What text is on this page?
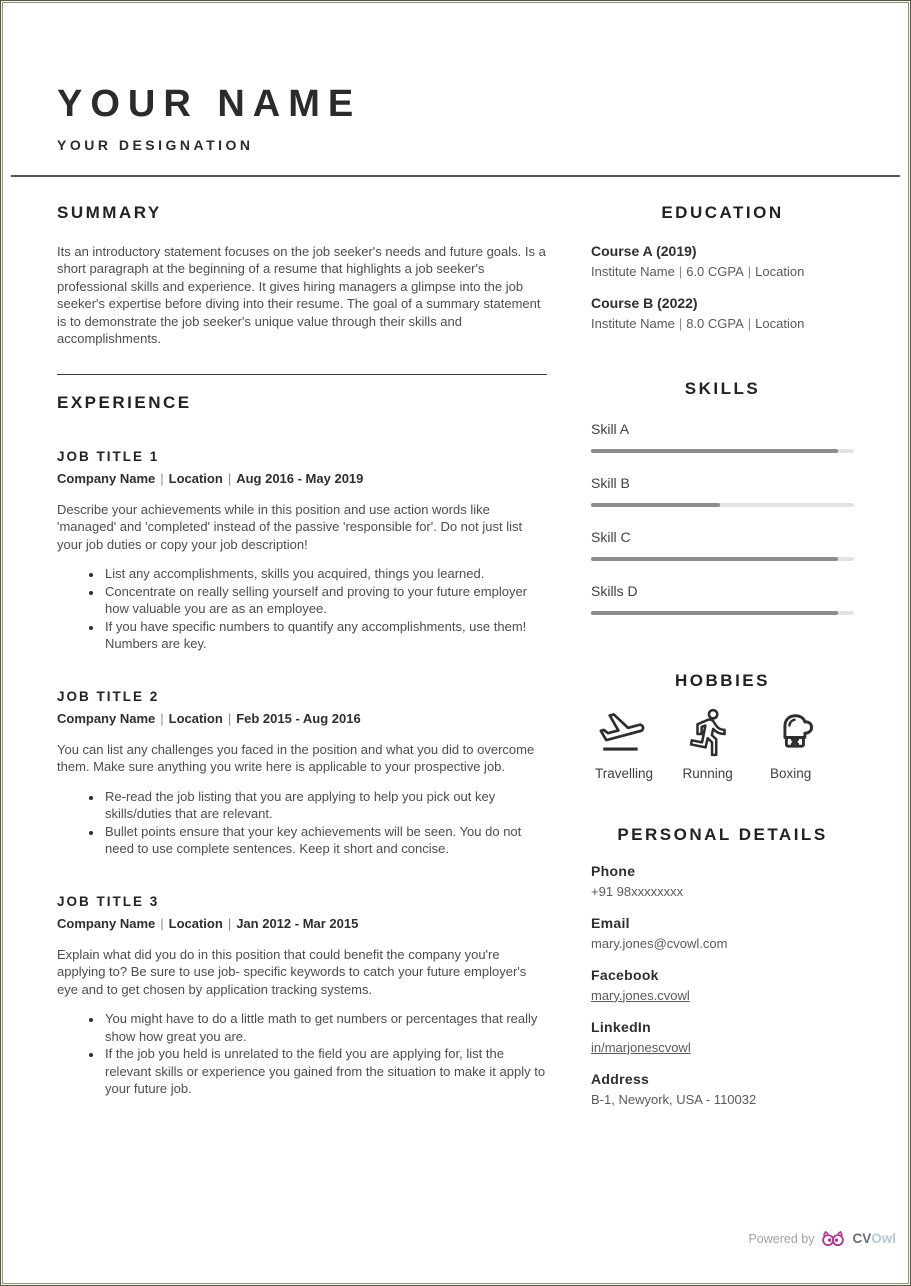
YOUR NAME
YOUR DESIGNATION
SUMMARY

Its an introductory statement focuses on the job seeker's needs and future goals. Is a short paragraph at the beginning of a resume that highlights a job seeker's professional skills and experience. It gives hiring managers a glimpse into the job seeker's expertise before diving into their resume. The goal of a summary statement is to demonstrate the job seeker's unique value through their skills and accomplishments.

EXPERIENCE
JOB TITLE 1
Company Name | Location | Aug 2016 - May 2019

Describe your achievements while in this position and use action words like 'managed' and 'completed' instead of the passive 'responsible for'. Do not just list your job duties or copy your job description!

• List any accomplishments, skills you acquired, things you learned.
• Concentrate on really selling yourself and proving to your future employer how valuable you are as an employee.
• If you have specific numbers to quantify any accomplishments, use them! Numbers are key.
JOB TITLE 2
Company Name | Location | Feb 2015 - Aug 2016

You can list any challenges you faced in the position and what you did to overcome them. Make sure anything you write here is applicable to your prospective job.

• Re-read the job listing that you are applying to help you pick out key skills/duties that are relevant.
• Bullet points ensure that your key achievements will be seen. You do not need to use complete sentences. Keep it short and concise.
JOB TITLE 3
Company Name | Location | Jan 2012 - Mar 2015

Explain what did you do in this position that could benefit the company you're applying to? Be sure to use job- specific keywords to catch your future employer's eye and to get chosen by application tracking systems.

• You might have to do a little math to get numbers or percentages that really show how great you are.
• If the job you held is unrelated to the field you are applying for, list the relevant skills or experience you gained from the situation to make it apply to your future job.
EDUCATION
Course A (2019)
Institute Name | 6.0 CGPA | Location
Course B (2022)
Institute Name | 8.0 CGPA | Location
SKILLS
Skill A
Skill B
Skill C
Skills D
HOBBIES
Travelling Running	Boxing
PERSONAL DETAILS
Phone
+91 98xxxxxxxx
Email
mary.jones@cvowl.com
Facebook
mary.jones.cvowl
LinkedIn
in/marjonescvowl
Address
B-1, Newyork, USA - 110032
Powered by	CV Owl
